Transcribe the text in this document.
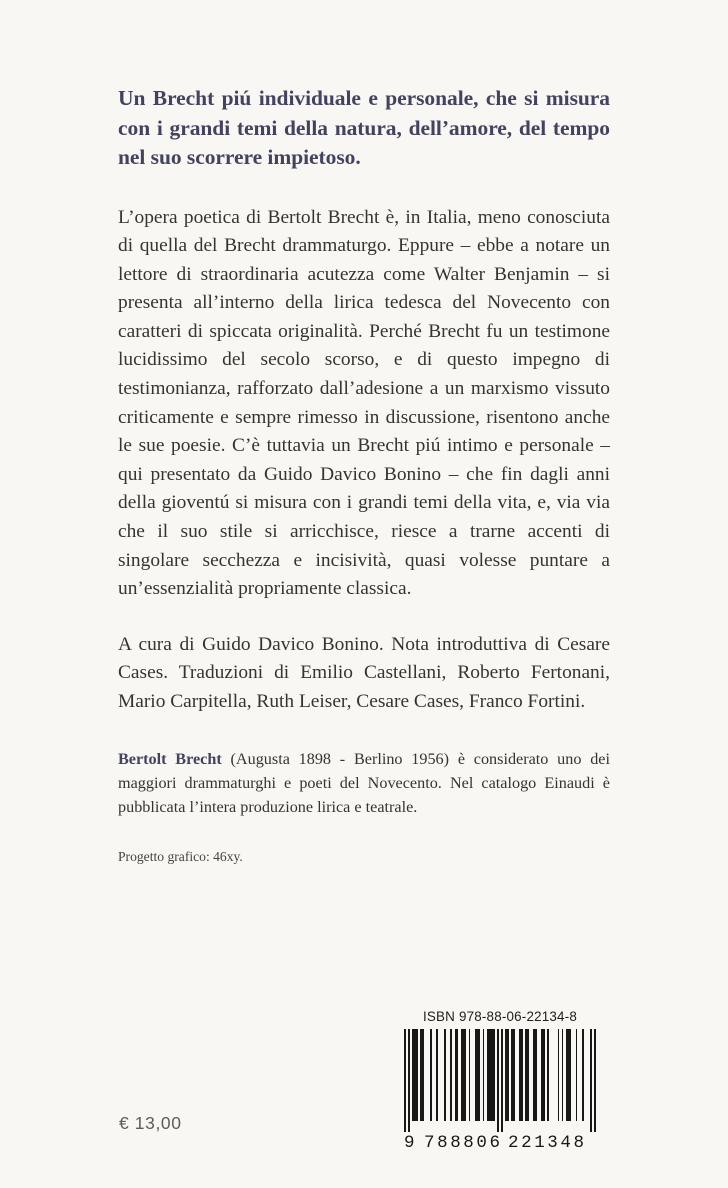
Un Brecht piú individuale e personale, che si misura con i grandi temi della natura, dell’amore, del tempo nel suo scorrere impietoso.

L’opera poetica di Bertolt Brecht è, in Italia, meno conosciuta di quella del Brecht drammaturgo. Eppure – ebbe a notare un lettore di straordinaria acutezza come Walter Benjamin – si presenta all’interno della lirica tedesca del Novecento con caratteri di spiccata originalità. Perché Brecht fu un testimone lucidissimo del secolo scorso, e di questo impegno di testimonianza, rafforzato dall’adesione a un marxismo vissuto criticamente e sempre rimesso in discussione, risentono anche le sue poesie. C’è tuttavia un Brecht piú intimo e personale – qui presentato da Guido Davico Bonino – che fin dagli anni della gioventú si misura con i grandi temi della vita, e, via via che il suo stile si arricchisce, riesce a trarne accenti di singolare secchezza e incisività, quasi volesse puntare a un’essenzialità propriamente classica.

A cura di Guido Davico Bonino. Nota introduttiva di Cesare Cases. Traduzioni di Emilio Castellani, Roberto Fertonani, Mario Carpitella, Ruth Leiser, Cesare Cases, Franco Fortini.

Bertolt Brecht (Augusta 1898 - Berlino 1956) è considerato uno dei maggiori drammaturghi e poeti del Novecento. Nel catalogo Einaudi è pubblicata l’intera produzione lirica e teatrale.

Progetto grafico: 46xy.

€ 13,00
ISBN 978-88-06-22134-8
9 788806 221348
